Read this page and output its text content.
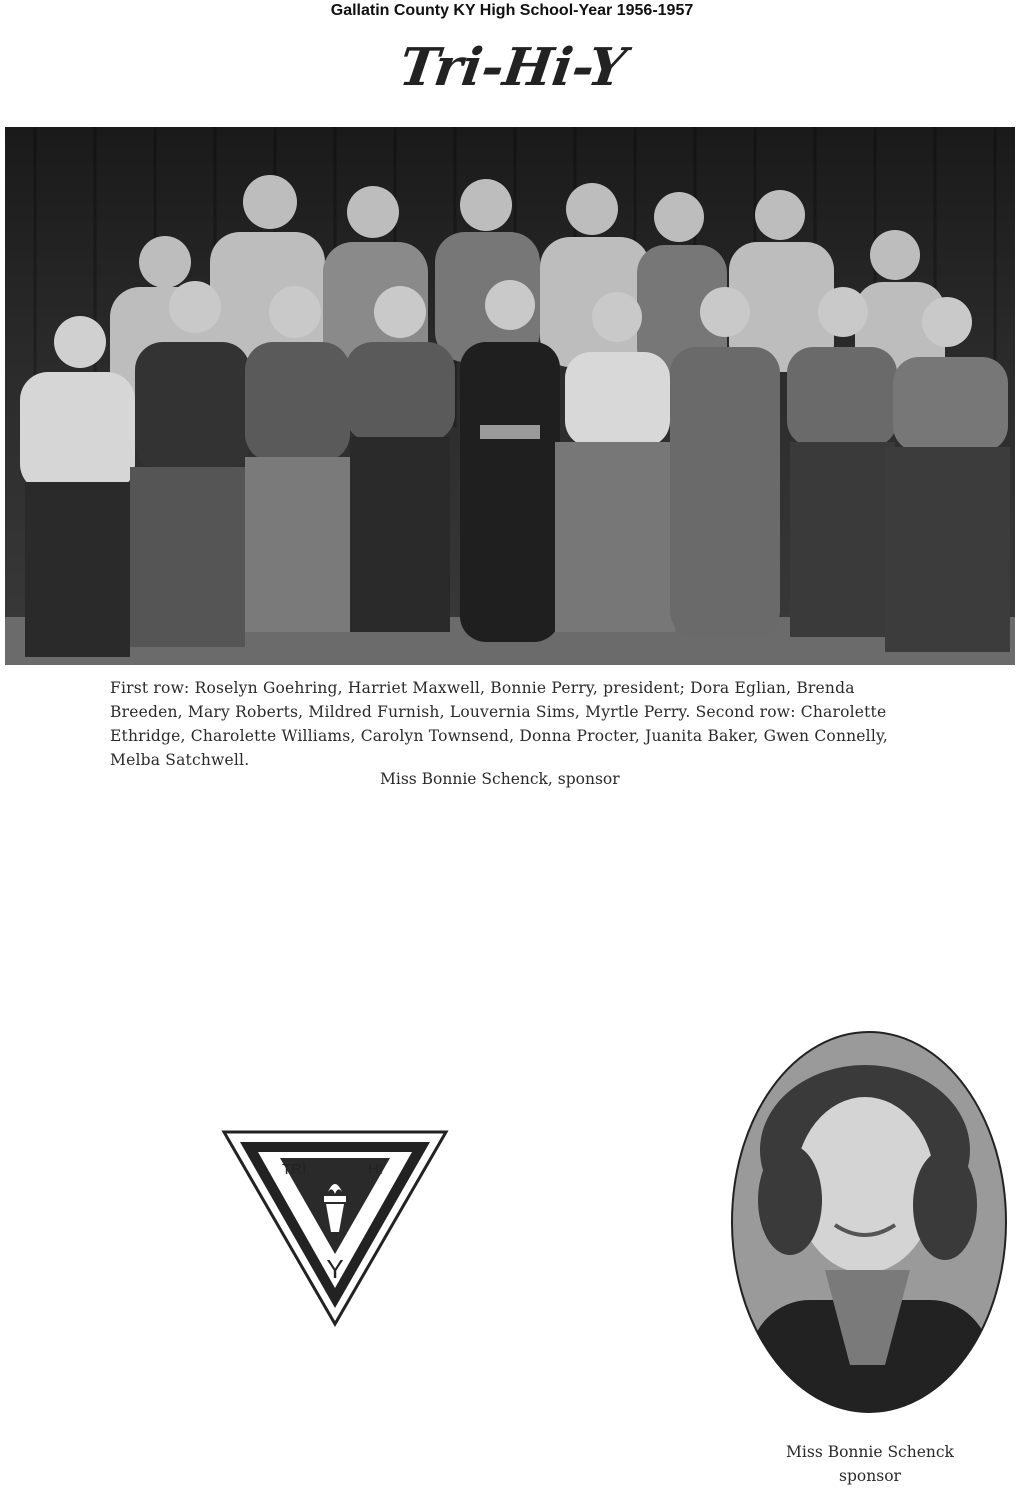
Gallatin County KY High School-Year 1956-1957
Tri-Hi-Y
First row: Roselyn Goehring, Harriet Maxwell, Bonnie Perry, president; Dora Eglian, Brenda Breeden, Mary Roberts, Mildred Furnish, Louvernia Sims, Myrtle Perry. Second row: Charolette Ethridge, Charolette Williams, Carolyn Townsend, Donna Procter, Juanita Baker, Gwen Connelly, Melba Satchwell.
Miss Bonnie Schenck, sponsor
TRI	HI
Y
Miss Bonnie Schenck
sponsor
